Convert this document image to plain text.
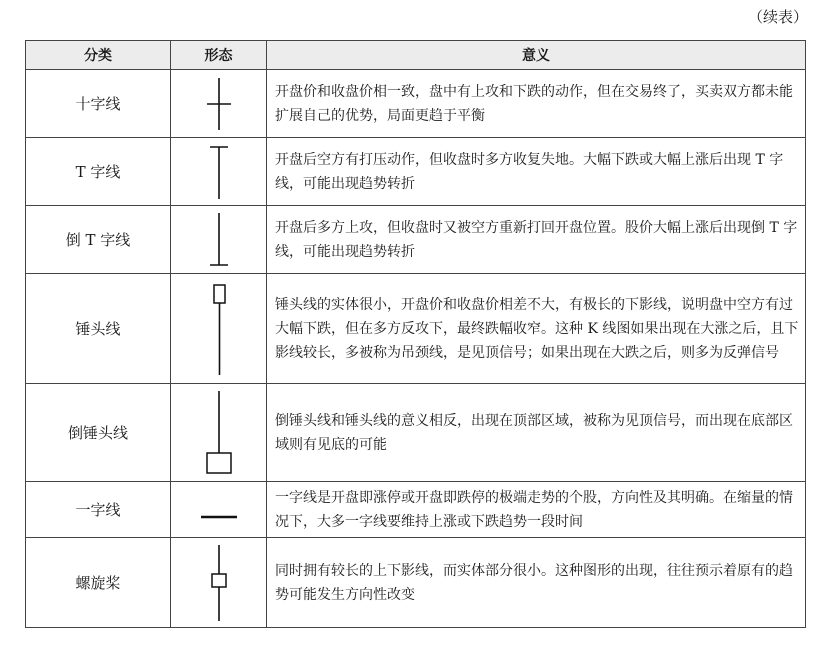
（续表）
分类	形态	意义
十字线		开盘价和收盘价相一致，盘中有上攻和下跌的动作，但在交易终了，买卖双方都未能扩展自己的优势，局面更趋于平衡
T 字线		开盘后空方有打压动作，但收盘时多方收复失地。大幅下跌或大幅上涨后出现 T 字线，可能出现趋势转折
倒 T 字线		开盘后多方上攻，但收盘时又被空方重新打回开盘位置。股价大幅上涨后出现倒 T 字线，可能出现趋势转折
锤头线		锤头线的实体很小，开盘价和收盘价相差不大，有极长的下影线，说明盘中空方有过大幅下跌，但在多方反攻下，最终跌幅收窄。这种 K 线图如果出现在大涨之后，且下影线较长，多被称为吊颈线，是见顶信号；如果出现在大跌之后，则多为反弹信号
倒锤头线		倒锤头线和锤头线的意义相反，出现在顶部区域，被称为见顶信号，而出现在底部区域则有见底的可能
一字线		一字线是开盘即涨停或开盘即跌停的极端走势的个股，方向性及其明确。在缩量的情况下，大多一字线要维持上涨或下跌趋势一段时间
螺旋桨		同时拥有较长的上下影线，而实体部分很小。这种图形的出现，往往预示着原有的趋势可能发生方向性改变
